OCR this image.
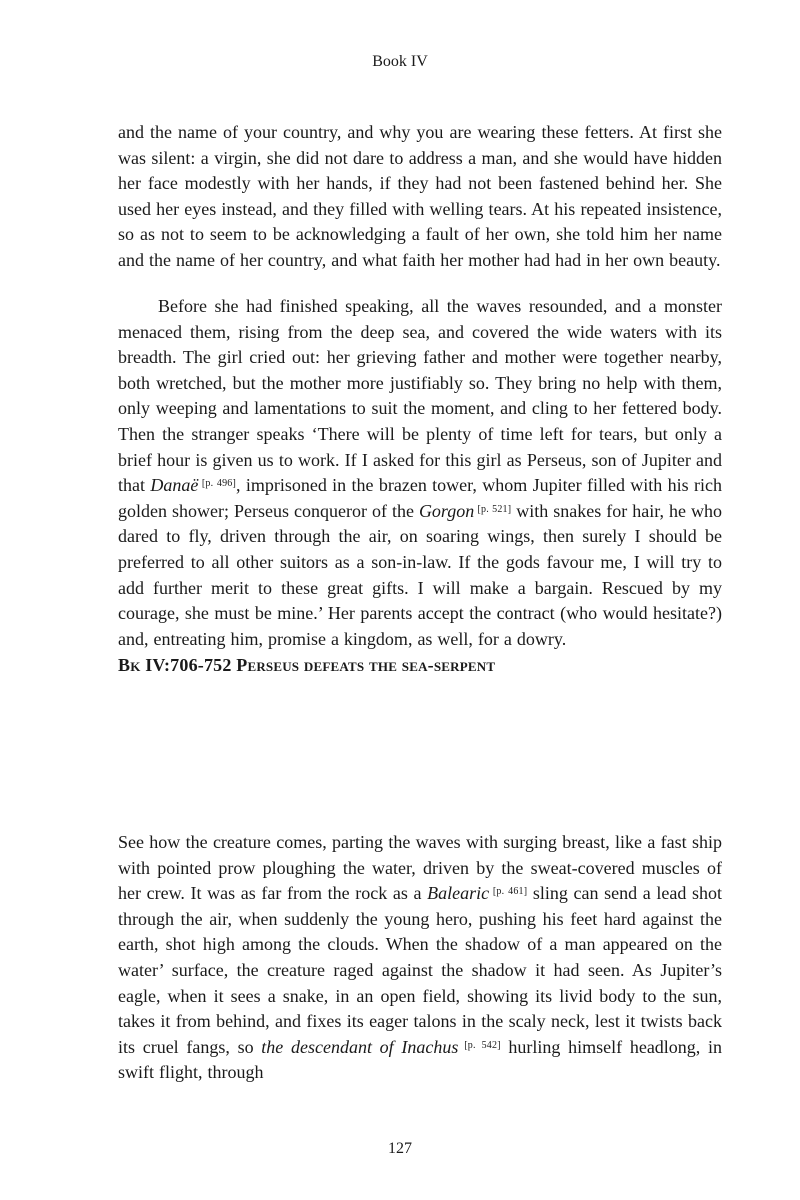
Book IV

and the name of your country, and why you are wearing these fetters. At first she was silent: a virgin, she did not dare to address a man, and she would have hidden her face modestly with her hands, if they had not been fastened behind her. She used her eyes instead, and they filled with welling tears. At his repeated insistence, so as not to seem to be acknowledging a fault of her own, she told him her name and the name of her country, and what faith her mother had had in her own beauty.

Before she had finished speaking, all the waves resounded, and a monster menaced them, rising from the deep sea, and covered the wide waters with its breadth. The girl cried out: her grieving father and mother were together nearby, both wretched, but the mother more justifiably so. They bring no help with them, only weeping and lamentations to suit the moment, and cling to her fettered body. Then the stranger speaks ‘There will be plenty of time left for tears, but only a brief hour is given us to work. If I asked for this girl as Perseus, son of Jupiter and that Danaë [p. 496], imprisoned in the brazen tower, whom Jupiter filled with his rich golden shower; Perseus conqueror of the Gorgon [p. 521] with snakes for hair, he who dared to fly, driven through the air, on soaring wings, then surely I should be preferred to all other suitors as a son-in-law. If the gods favour me, I will try to add further merit to these great gifts. I will make a bargain. Rescued by my courage, she must be mine.’ Her parents accept the contract (who would hesitate?) and, entreating him, promise a kingdom, as well, for a dowry.

Bk IV:706-752 Perseus defeats the sea-serpent

See how the creature comes, parting the waves with surging breast, like a fast ship with pointed prow ploughing the water, driven by the sweat-covered muscles of her crew. It was as far from the rock as a Balearic [p. 461] sling can send a lead shot through the air, when suddenly the young hero, pushing his feet hard against the earth, shot high among the clouds. When the shadow of a man appeared on the water’ surface, the creature raged against the shadow it had seen. As Jupiter’s eagle, when it sees a snake, in an open field, showing its livid body to the sun, takes it from behind, and fixes its eager talons in the scaly neck, lest it twists back its cruel fangs, so the descendant of Inachus [p. 542] hurling himself headlong, in swift flight, through

127
